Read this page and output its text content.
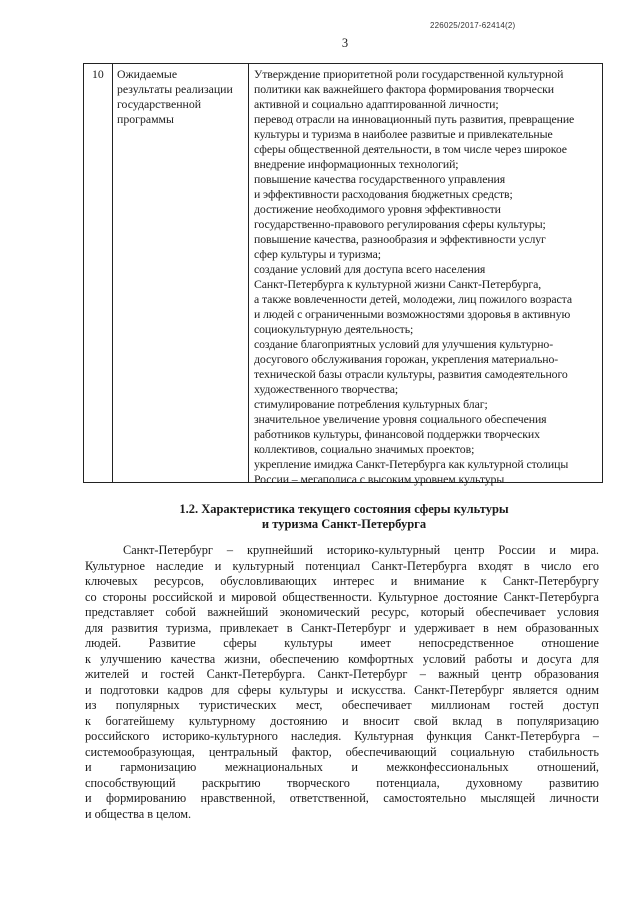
226025/2017-62414(2)
3
10	Ожидаемые
результаты реализации
государственной
программы
Утверждение приоритетной роли государственной культурной
политики как важнейшего фактора формирования творчески
активной и социально адаптированной личности;
перевод отрасли на инновационный путь развития, превращение
культуры и туризма в наиболее развитые и привлекательные
сферы общественной деятельности, в том числе через широкое
внедрение информационных технологий;
повышение качества государственного управления
и эффективности расходования бюджетных средств;
достижение необходимого уровня эффективности
государственно-правового регулирования сферы культуры;
повышение качества, разнообразия и эффективности услуг
сфер культуры и туризма;
создание условий для доступа всего населения
Санкт-Петербурга к культурной жизни Санкт-Петербурга,
а также вовлеченности детей, молодежи, лиц пожилого возраста
и людей с ограниченными возможностями здоровья в активную
социокультурную деятельность;
создание благоприятных условий для улучшения культурно-
досугового обслуживания горожан, укрепления материально-
технической базы отрасли культуры, развития самодеятельного
художественного творчества;
стимулирование потребления культурных благ;
значительное увеличение уровня социального обеспечения
работников культуры, финансовой поддержки творческих
коллективов, социально значимых проектов;
укрепление имиджа Санкт-Петербурга как культурной столицы
России – мегаполиса с высоким уровнем культуры
1.2. Характеристика текущего состояния сферы культуры
и туризма Санкт-Петербурга
Санкт-Петербург – крупнейший историко-культурный центр России и мира.
Культурное наследие и культурный потенциал Санкт-Петербурга входят в число его
ключевых ресурсов, обусловливающих интерес и внимание к Санкт-Петербургу
со стороны российской и мировой общественности. Культурное достояние Санкт-Петербурга
представляет собой важнейший экономический ресурс, который обеспечивает условия
для развития туризма, привлекает в Санкт-Петербург и удерживает в нем образованных
людей. Развитие сферы культуры имеет непосредственное отношение
к улучшению качества жизни, обеспечению комфортных условий работы и досуга для
жителей и гостей Санкт-Петербурга. Санкт-Петербург – важный центр образования
и подготовки кадров для сферы культуры и искусства. Санкт-Петербург является одним
из популярных туристических мест, обеспечивает миллионам гостей доступ
к богатейшему культурному достоянию и вносит свой вклад в популяризацию
российского историко-культурного наследия. Культурная функция Санкт-Петербурга –
системообразующая, центральный фактор, обеспечивающий социальную стабильность
и гармонизацию межнациональных и межконфессиональных отношений,
способствующий раскрытию творческого потенциала, духовному развитию
и формированию нравственной, ответственной, самостоятельно мыслящей личности
и общества в целом.
